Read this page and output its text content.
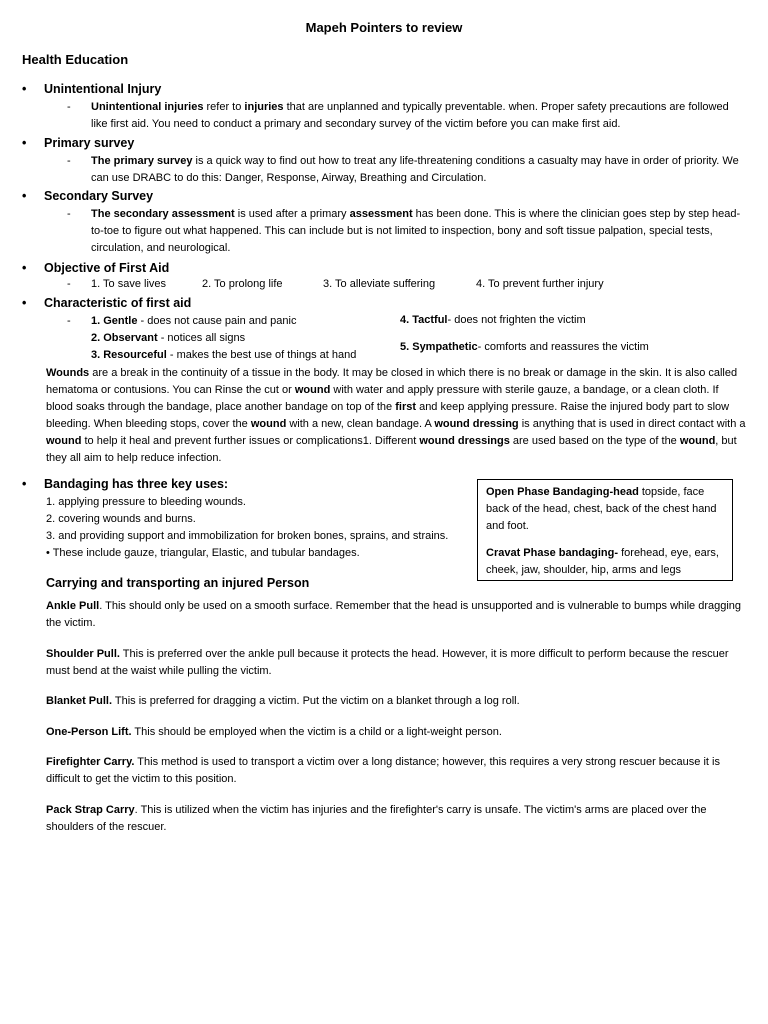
Mapeh Pointers to review
Health Education
• Unintentional Injury
- Unintentional injuries refer to injuries that are unplanned and typically preventable. when. Proper safety precautions are followed like first aid. You need to conduct a primary and secondary survey of the victim before you can make first aid.
• Primary survey
- The primary survey is a quick way to find out how to treat any life-threatening conditions a casualty may have in order of priority. We can use DRABC to do this: Danger, Response, Airway, Breathing and Circulation.
• Secondary Survey
- The secondary assessment is used after a primary assessment has been done. This is where the clinician goes step by step head-to-toe to figure out what happened. This can include but is not limited to inspection, bony and soft tissue palpation, special tests, circulation, and neurological.
• Objective of First Aid
- 1. To save lives	2. To prolong life	3. To alleviate suffering	4. To prevent further injury
• Characteristic of first aid
- 1. Gentle - does not cause pain and panic
2. Observant - notices all signs
3. Resourceful - makes the best use of things at hand
4. Tactful- does not frighten the victim
5. Sympathetic- comforts and reassures the victim
Wounds are a break in the continuity of a tissue in the body. It may be closed in which there is no break or damage in the skin. It is also called hematoma or contusions. You can Rinse the cut or wound with water and apply pressure with sterile gauze, a bandage, or a clean cloth. If blood soaks through the bandage, place another bandage on top of the first and keep applying pressure. Raise the injured body part to slow bleeding. When bleeding stops, cover the wound with a new, clean bandage. A wound dressing is anything that is used in direct contact with a wound to help it heal and prevent further issues or complications1. Different wound dressings are used based on the type of the wound, but they all aim to help reduce infection.
• Bandaging has three key uses:
1. applying pressure to bleeding wounds.
2. covering wounds and burns.
3. and providing support and immobilization for broken bones, sprains, and strains.
• These include gauze, triangular, Elastic, and tubular bandages.

Open Phase Bandaging-head topside, face back of the head, chest, back of the chest hand and foot.

Cravat Phase bandaging- forehead, eye, ears, cheek, jaw, shoulder, hip, arms and legs

Carrying and transporting an injured Person
Ankle Pull. This should only be used on a smooth surface. Remember that the head is unsupported and is vulnerable to bumps while dragging the victim.
Shoulder Pull. This is preferred over the ankle pull because it protects the head. However, it is more difficult to perform because the rescuer must bend at the waist while pulling the victim.
Blanket Pull. This is preferred for dragging a victim. Put the victim on a blanket through a log roll.
One-Person Lift. This should be employed when the victim is a child or a light-weight person.
Firefighter Carry. This method is used to transport a victim over a long distance; however, this requires a very strong rescuer because it is difficult to get the victim to this position.
Pack Strap Carry. This is utilized when the victim has injuries and the firefighter's carry is unsafe. The victim's arms are placed over the shoulders of the rescuer.
